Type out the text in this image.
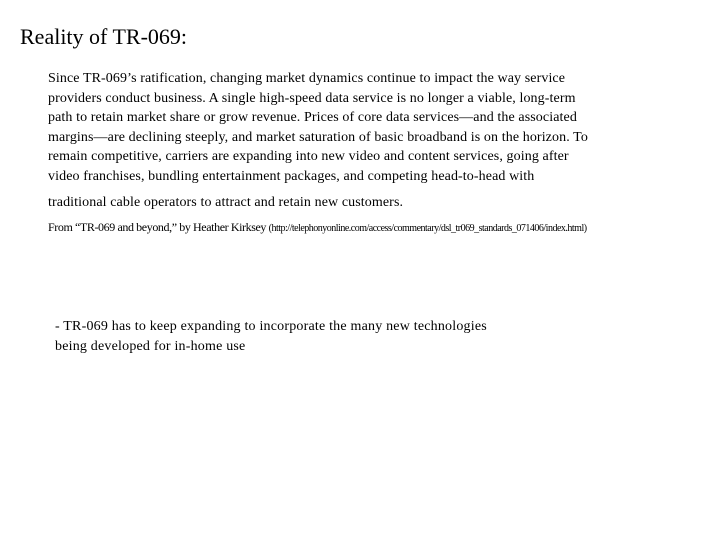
Reality of TR-069:
Since TR-069’s ratification, changing market dynamics continue to impact the way service
providers conduct business. A single high-speed data service is no longer a viable, long-term
path to retain market share or grow revenue. Prices of core data services—and the associated
margins—are declining steeply, and market saturation of basic broadband is on the horizon. To
remain competitive, carriers are expanding into new video and content services, going after
video franchises, bundling entertainment packages, and competing head-to-head with
traditional cable operators to attract and retain new customers.
From “TR-069 and beyond,” by Heather Kirksey (http://telephonyonline.com/access/commentary/dsl_tr069_standards_071406/index.html)
- TR-069 has to keep expanding to incorporate the many new technologies
being developed for in-home use
